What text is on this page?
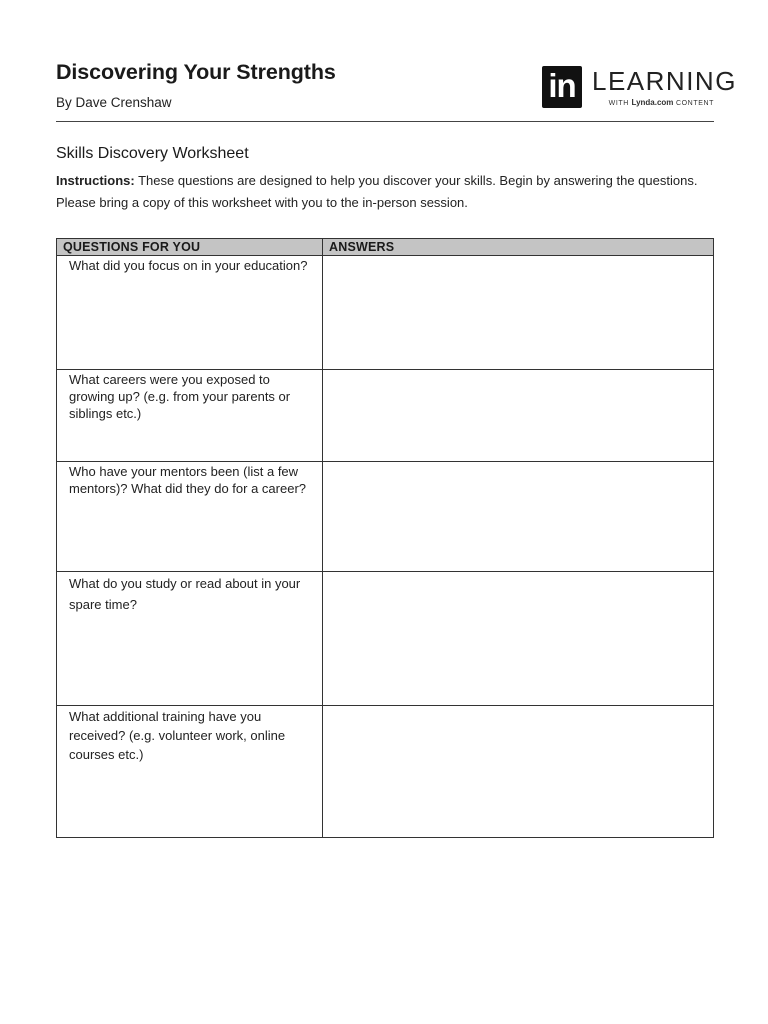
Discovering Your Strengths
By Dave Crenshaw	in LEARNING
WITH Lynda.com CONTENT
Skills Discovery Worksheet
Instructions: These questions are designed to help you discover your skills. Begin by answering the questions. Please bring a copy of this worksheet with you to the in-person session.
QUESTIONS FOR YOU	ANSWERS
What did you focus on in your education?	
What careers were you exposed to growing up? (e.g. from your parents or siblings etc.)	
Who have your mentors been (list a few mentors)? What did they do for a career?	
What do you study or read about in your spare time?	
What additional training have you received? (e.g. volunteer work, online courses etc.)	
